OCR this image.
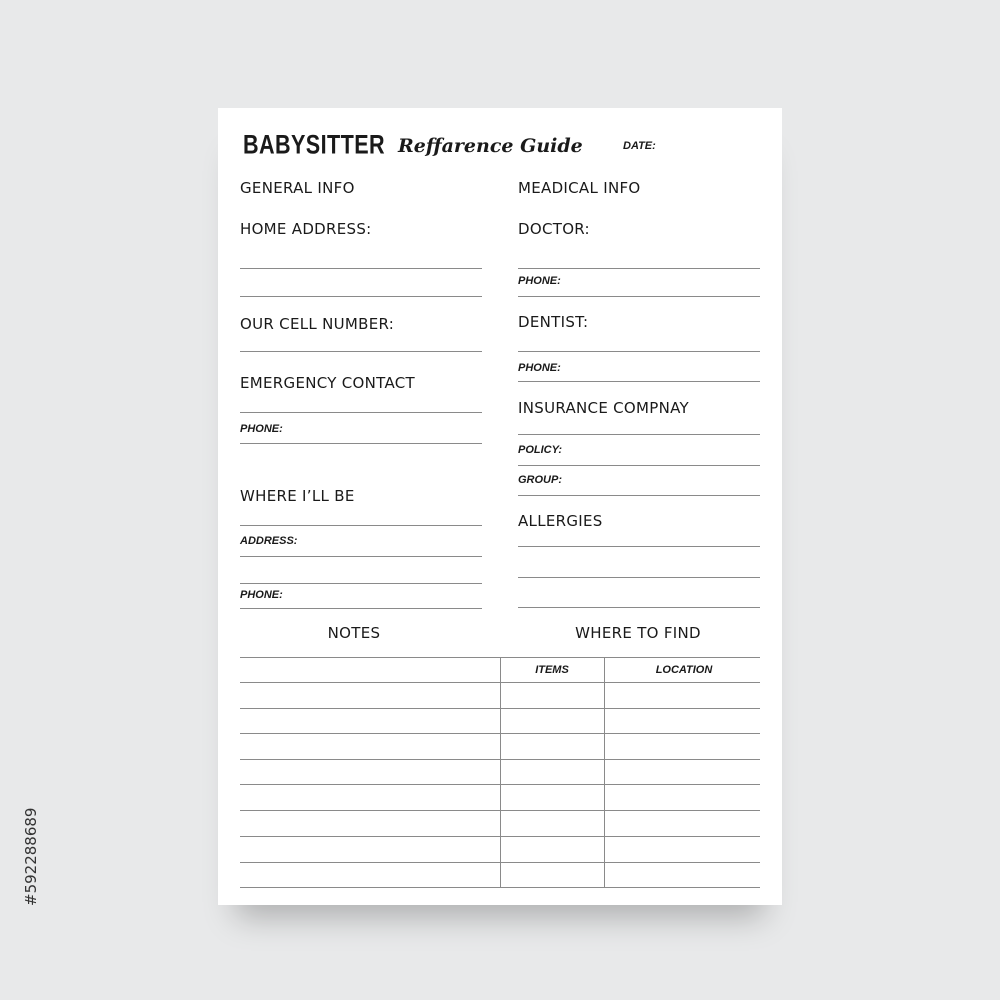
#592288689
BABYSITTER Reffarence Guide	DATE:
GENERAL INFO
HOME ADDRESS:
OUR CELL NUMBER:
EMERGENCY CONTACT
PHONE:
WHERE I’LL BE
ADDRESS:
PHONE:
MEADICAL INFO
DOCTOR:
PHONE:
DENTIST:
PHONE:
INSURANCE COMPNAY
POLICY:
GROUP:
ALLERGIES
NOTES	WHERE TO FIND
ITEMS	LOCATION
